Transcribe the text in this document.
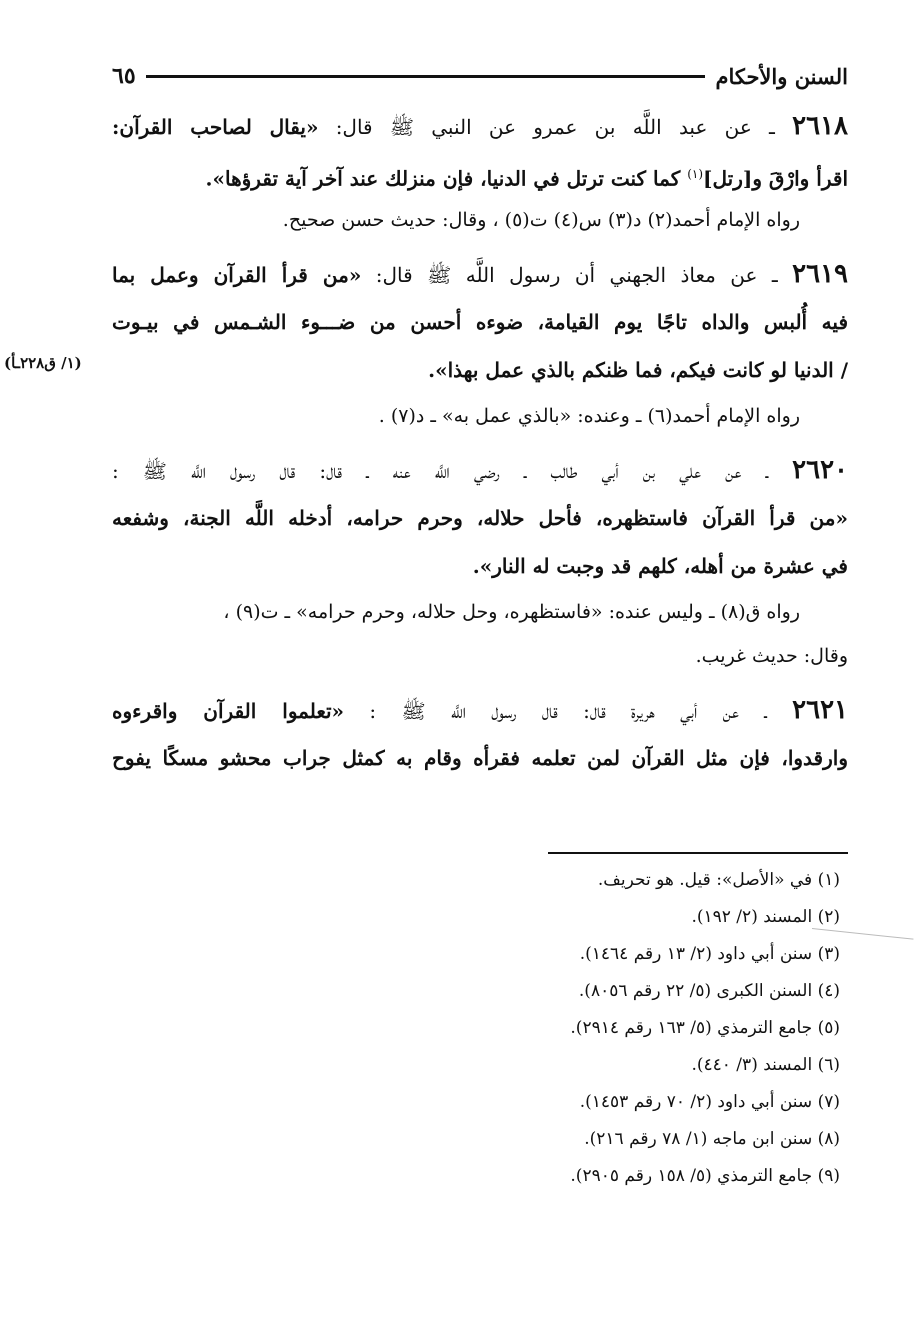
السنن والأحكام
٦٥
(١/ ق٢٢٨ـأ)
٢٦١٨ ـ عن عبد اللَّه بن عمرو عن النبي ﷺ قال: «يقال لصاحب القرآن:
اقرأ وارْقَ و[رتل]$^{(١)}$ كما كنت ترتل في الدنيا، فإن منزلك عند آخر آية تقرؤها».
رواه الإمام أحمد(٢) د(٣) س(٤) ت(٥) ، وقال: حديث حسن صحيح.
٢٦١٩ ـ عن معاذ الجهني أن رسول اللَّه ﷺ قال: «من قرأ القرآن وعمل بما
فيه أُلبس والداه تاجًا يوم القيامة، ضوءه أحسن من ضـــوء الشـمس في بيـوت
/ الدنيا لو كانت فيكم، فما ظنكم بالذي عمل بهذا».
رواه الإمام أحمد(٦) ـ وعنده: «بالذي عمل به» ـ د(٧) .
٢٦٢٠ ـ عن علي بن أبي طالب ـ رضي اللَّه عنه ـ قال: قال رسول اللَّه ﷺ :
«من قرأ القرآن فاستظهره، فأحل حلاله، وحرم حرامه، أدخله اللَّه الجنة، وشفعه
في عشرة من أهله، كلهم قد وجبت له النار».
رواه ق(٨) ـ وليس عنده: «فاستظهره، وحل حلاله، وحرم حرامه» ـ ت(٩) ،
وقال: حديث غريب.
٢٦٢١ ـ عن أبي هريرة قال: قال رسول اللَّه ﷺ : «تعلموا القرآن واقرءوه
وارقدوا، فإن مثل القرآن لمن تعلمه فقرأه وقام به كمثل جراب محشو مسكًا يفوح
(١) في «الأصل»: قيل. هو تحريف.
(٢) المسند (٢/ ١٩٢).
(٣) سنن أبي داود (٢/ ١٣ رقم ١٤٦٤).
(٤) السنن الكبرى (٥/ ٢٢ رقم ٨٠٥٦).
(٥) جامع الترمذي (٥/ ١٦٣ رقم ٢٩١٤).
(٦) المسند (٣/ ٤٤٠).
(٧) سنن أبي داود (٢/ ٧٠ رقم ١٤٥٣).
(٨) سنن ابن ماجه (١/ ٧٨ رقم ٢١٦).
(٩) جامع الترمذي (٥/ ١٥٨ رقم ٢٩٠٥).
